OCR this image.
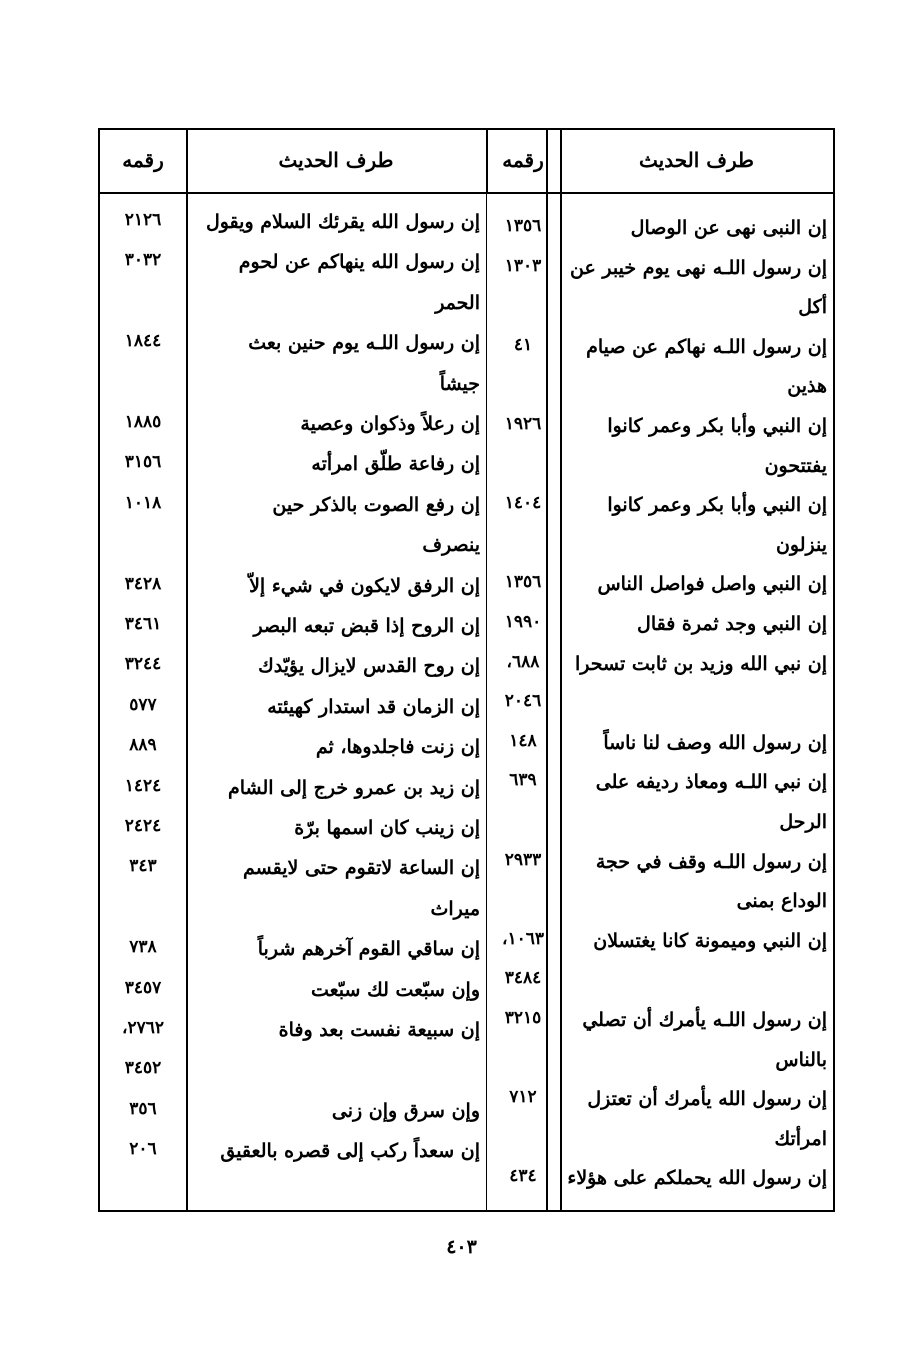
طرف الحديث
رقمه
طرف الحديث
رقمه
إن النبى نهى عن الوصال
إن رسول اللـه نهى يوم خيبر عن
أكل
إن رسول اللـه نهاكم عن صيام
هذين
إن النبي وأبا بكر وعمر كانوا
يفتتحون
إن النبي وأبا بكر وعمر كانوا
ينزلون
إن النبي واصل فواصل الناس
إن النبي وجد ثمرة فقال
إن نبي الله وزيد بن ثابت تسحرا
إن رسول الله وصف لنا ناساً
إن نبي اللـه ومعاذ رديفه على
الرحل
إن رسول اللـه وقف في حجة
الوداع بمنى
إن النبي وميمونة كانا يغتسلان
إن رسول اللـه يأمرك أن تصلي
بالناس
إن رسول الله يأمرك أن تعتزل
امرأتك
إن رسول الله يحملكم على هؤلاء
١٣٥٦
١٣٠٣
٤١
١٩٢٦
١٤٠٤
١٣٥٦
١٩٩٠
٦٨٨،
٢٠٤٦
١٤٨
٦٣٩
٢٩٣٣
١٠٦٣،
٣٤٨٤
٣٢١٥
٧١٢
٤٣٤
إن رسول الله يقرئك السلام ويقول
إن رسول الله ينهاكم عن لحوم
الحمر
إن رسول اللـه يوم حنين بعث
جيشاً
إن رعلاً وذكوان وعصية
إن رفاعة طلّق امرأته
إن رفع الصوت بالذكر حين
ينصرف
إن الرفق لايكون في شيء إلاّ
إن الروح إذا قبض تبعه البصر
إن روح القدس لايزال يؤيّدك
إن الزمان قد استدار كهيئته
إن زنت فاجلدوها، ثم
إن زيد بن عمرو خرج إلى الشام
إن زينب كان اسمها برّة
إن الساعة لاتقوم حتى لايقسم
ميراث
إن ساقي القوم آخرهم شرباً
وإن سبّعت لك سبّعت
إن سبيعة نفست بعد وفاة
وإن سرق وإن زنى
إن سعداً ركب إلى قصره بالعقيق
٢١٢٦
٣٠٣٢
١٨٤٤
١٨٨٥
٣١٥٦
١٠١٨
٣٤٢٨
٣٤٦١
٣٢٤٤
٥٧٧
٨٨٩
١٤٢٤
٢٤٢٤
٣٤٣
٧٣٨
٣٤٥٧
٢٧٦٢،
٣٤٥٢
٣٥٦
٢٠٦
٤٠٣
